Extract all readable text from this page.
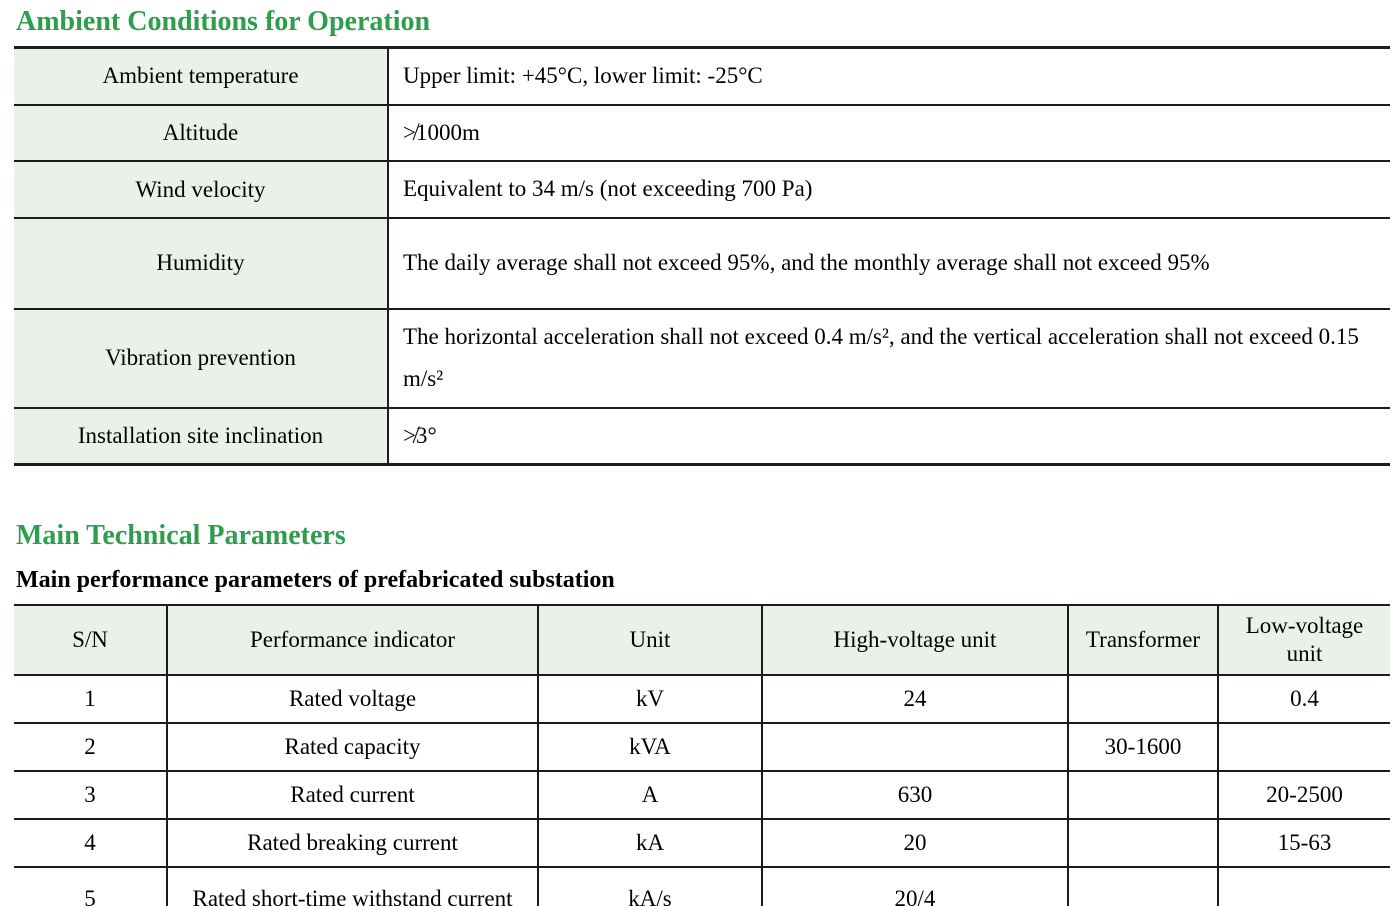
Ambient Conditions for Operation
Ambient temperature	Upper limit: +45°C, lower limit: -25°C
Altitude	≯1000m
Wind velocity	Equivalent to 34 m/s (not exceeding 700 Pa)
Humidity	The daily average shall not exceed 95%, and the monthly average shall not exceed 95%
Vibration prevention	The horizontal acceleration shall not exceed 0.4 m/s², and the vertical acceleration shall not exceed 0.15 m/s²
Installation site inclination	≯3°
Main Technical Parameters
Main performance parameters of prefabricated substation
S/N	Performance indicator	Unit	High-voltage unit	Transformer	Low-voltage unit
1	Rated voltage	kV	24		0.4
2	Rated capacity	kVA		30-1600	
3	Rated current	A	630		20-2500
4	Rated breaking current	kA	20		15-63
5	Rated short-time withstand current	kA/s	20/4		
